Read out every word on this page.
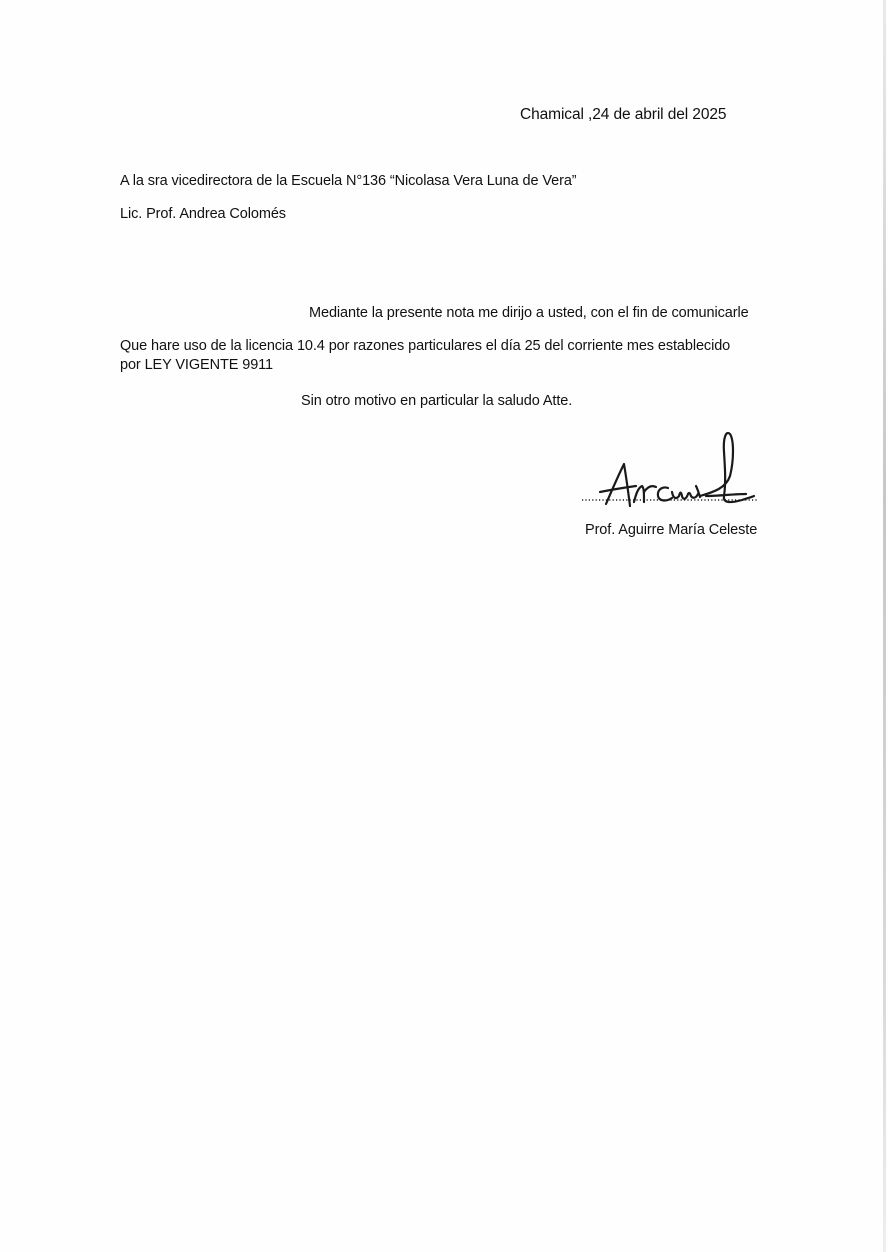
Chamical ,24 de abril del 2025
A la sra vicedirectora de la Escuela N°136 “Nicolasa Vera Luna de Vera”
Lic. Prof. Andrea Colomés
Mediante la presente nota me dirijo a usted, con el fin de comunicarle
Que hare uso de la licencia 10.4 por razones particulares el día 25 del corriente mes establecido
por LEY VIGENTE 9911
Sin otro motivo en particular la saludo Atte.
Prof. Aguirre María Celeste
